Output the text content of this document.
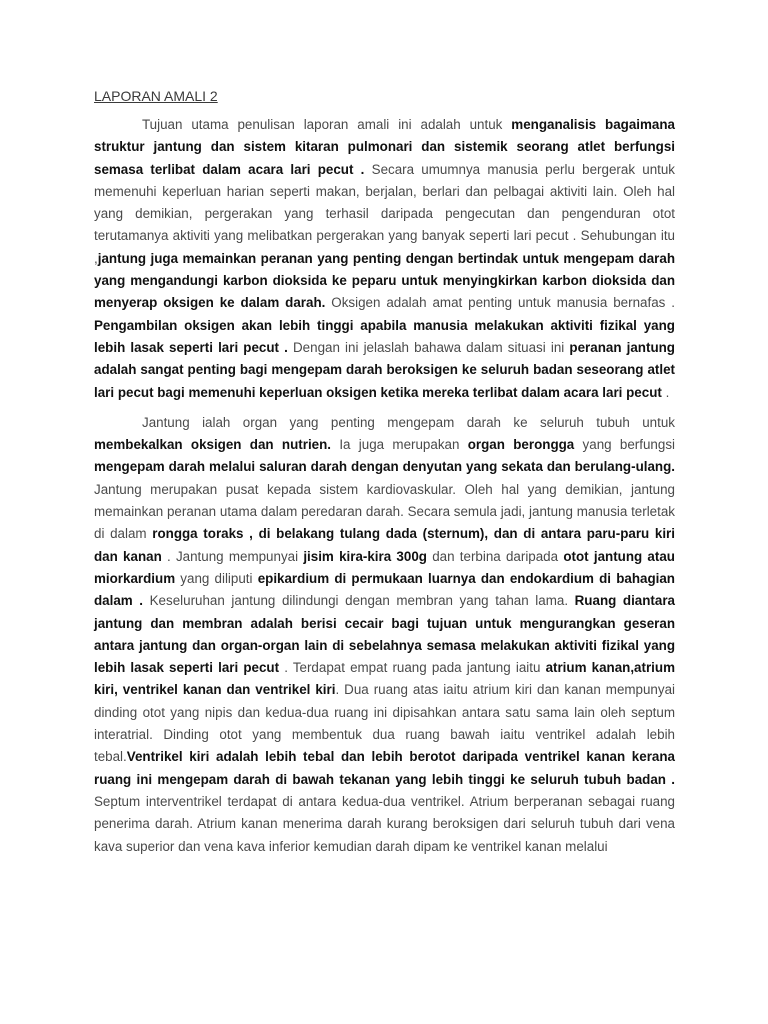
LAPORAN AMALI 2

Tujuan utama penulisan laporan amali ini adalah untuk menganalisis bagaimana struktur jantung dan sistem kitaran pulmonari dan sistemik seorang atlet berfungsi semasa terlibat dalam acara lari pecut . Secara umumnya manusia perlu bergerak untuk memenuhi keperluan harian seperti makan, berjalan, berlari dan pelbagai aktiviti lain. Oleh hal yang demikian, pergerakan yang terhasil daripada pengecutan dan pengenduran otot terutamanya aktiviti yang melibatkan pergerakan yang banyak seperti lari pecut . Sehubungan itu ,jantung juga memainkan peranan yang penting dengan bertindak untuk mengepam darah yang mengandungi karbon dioksida ke peparu untuk menyingkirkan karbon dioksida dan menyerap oksigen ke dalam darah. Oksigen adalah amat penting untuk manusia bernafas . Pengambilan oksigen akan lebih tinggi apabila manusia melakukan aktiviti fizikal yang lebih lasak seperti lari pecut . Dengan ini jelaslah bahawa dalam situasi ini peranan jantung adalah sangat penting bagi mengepam darah beroksigen ke seluruh badan seseorang atlet lari pecut bagi memenuhi keperluan oksigen ketika mereka terlibat dalam acara lari pecut .

Jantung ialah organ yang penting mengepam darah ke seluruh tubuh untuk membekalkan oksigen dan nutrien. Ia juga merupakan organ berongga yang berfungsi mengepam darah melalui saluran darah dengan denyutan yang sekata dan berulang-ulang. Jantung merupakan pusat kepada sistem kardiovaskular. Oleh hal yang demikian, jantung memainkan peranan utama dalam peredaran darah. Secara semula jadi, jantung manusia terletak di dalam rongga toraks , di belakang tulang dada (sternum), dan di antara paru-paru kiri dan kanan . Jantung mempunyai jisim kira-kira 300g dan terbina daripada otot jantung atau miorkardium yang diliputi epikardium di permukaan luarnya dan endokardium di bahagian dalam . Keseluruhan jantung dilindungi dengan membran yang tahan lama. Ruang diantara jantung dan membran adalah berisi cecair bagi tujuan untuk mengurangkan geseran antara jantung dan organ-organ lain di sebelahnya semasa melakukan aktiviti fizikal yang lebih lasak seperti lari pecut . Terdapat empat ruang pada jantung iaitu atrium kanan,atrium kiri, ventrikel kanan dan ventrikel kiri. Dua ruang atas iaitu atrium kiri dan kanan mempunyai dinding otot yang nipis dan kedua-dua ruang ini dipisahkan antara satu sama lain oleh septum interatrial. Dinding otot yang membentuk dua ruang bawah iaitu ventrikel adalah lebih tebal.Ventrikel kiri adalah lebih tebal dan lebih berotot daripada ventrikel kanan kerana ruang ini mengepam darah di bawah tekanan yang lebih tinggi ke seluruh tubuh badan . Septum interventrikel terdapat di antara kedua-dua ventrikel. Atrium berperanan sebagai ruang penerima darah. Atrium kanan menerima darah kurang beroksigen dari seluruh tubuh dari vena kava superior dan vena kava inferior kemudian darah dipam ke ventrikel kanan melalui
